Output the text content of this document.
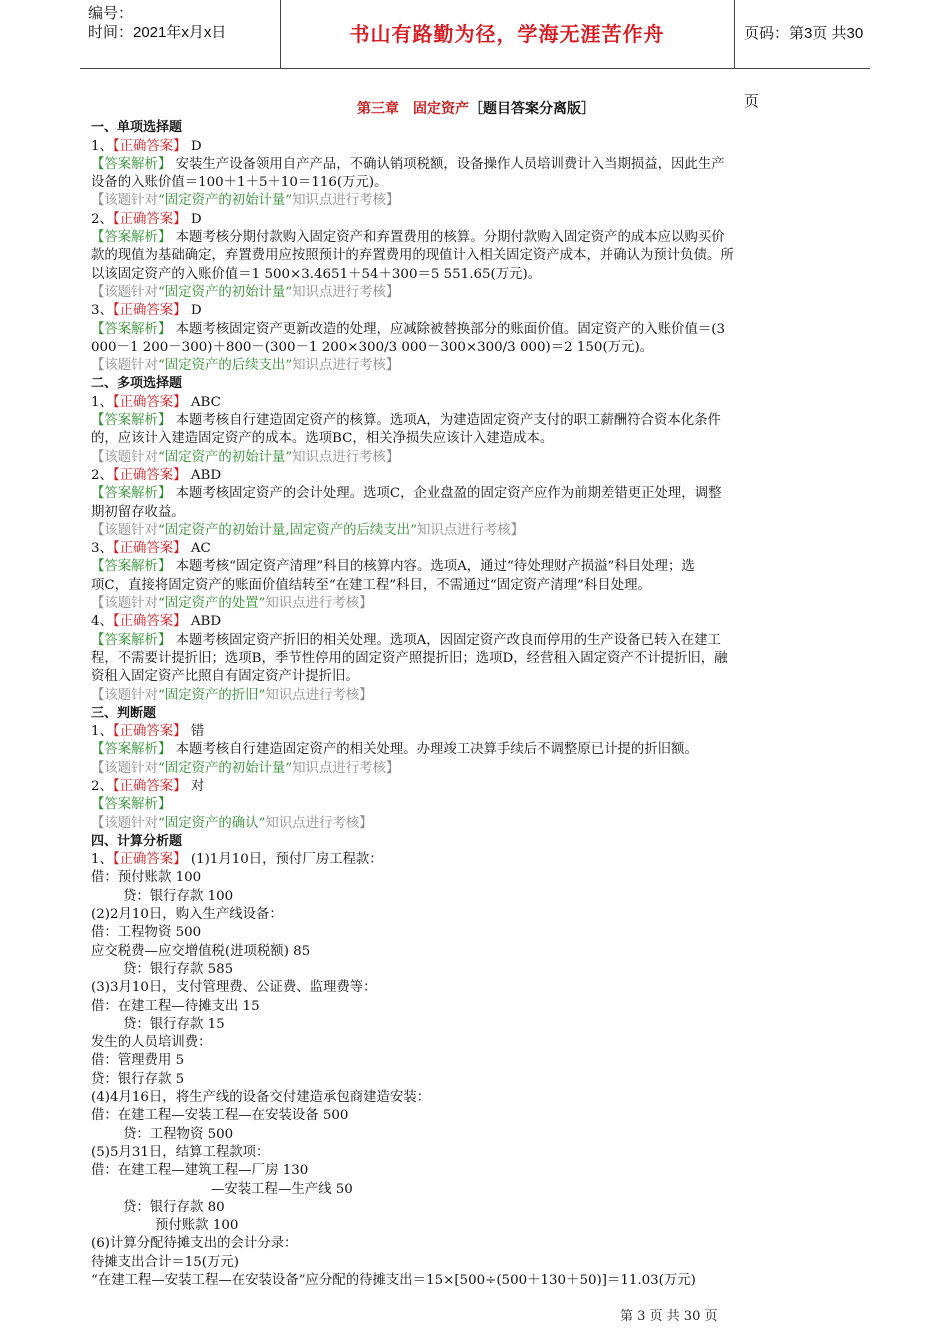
编号：
时间：2021年x月x日	书山有路勤为径，学海无涯苦作舟	页码：第3页 共30页
第三章　固定资产［题目答案分离版］
一、单项选择题
1、【正确答案】 D
【答案解析】 安装生产设备领用自产产品，不确认销项税额，设备操作人员培训费计入当期损益，因此生产
设备的入账价值＝100＋1＋5＋10＝116(万元)。
【该题针对“固定资产的初始计量”知识点进行考核】
2、【正确答案】 D
【答案解析】 本题考核分期付款购入固定资产和弃置费用的核算。分期付款购入固定资产的成本应以购买价
款的现值为基础确定，弃置费用应按照预计的弃置费用的现值计入相关固定资产成本，并确认为预计负债。所
以该固定资产的入账价值＝1 500×3.4651＋54＋300＝5 551.65(万元)。
【该题针对“固定资产的初始计量”知识点进行考核】
3、【正确答案】 D
【答案解析】 本题考核固定资产更新改造的处理，应减除被替换部分的账面价值。固定资产的入账价值＝(3
000－1 200－300)＋800－(300－1 200×300/3 000－300×300/3 000)＝2 150(万元)。
【该题针对“固定资产的后续支出”知识点进行考核】
二、多项选择题
1、【正确答案】 ABC
【答案解析】 本题考核自行建造固定资产的核算。选项A，为建造固定资产支付的职工薪酬符合资本化条件
的，应该计入建造固定资产的成本。选项BC，相关净损失应该计入建造成本。
【该题针对“固定资产的初始计量”知识点进行考核】
2、【正确答案】 ABD
【答案解析】 本题考核固定资产的会计处理。选项C，企业盘盈的固定资产应作为前期差错更正处理，调整
期初留存收益。
【该题针对“固定资产的初始计量,固定资产的后续支出”知识点进行考核】
3、【正确答案】 AC
【答案解析】 本题考核“固定资产清理”科目的核算内容。选项A，通过“待处理财产损溢”科目处理；选
项C，直接将固定资产的账面价值结转至“在建工程”科目，不需通过“固定资产清理”科目处理。
【该题针对“固定资产的处置”知识点进行考核】
4、【正确答案】 ABD
【答案解析】 本题考核固定资产折旧的相关处理。选项A，因固定资产改良而停用的生产设备已转入在建工
程，不需要计提折旧；选项B，季节性停用的固定资产照提折旧；选项D，经营租入固定资产不计提折旧，融
资租入固定资产比照自有固定资产计提折旧。
【该题针对“固定资产的折旧”知识点进行考核】
三、判断题
1、【正确答案】 错
【答案解析】 本题考核自行建造固定资产的相关处理。办理竣工决算手续后不调整原已计提的折旧额。
【该题针对“固定资产的初始计量”知识点进行考核】
2、【正确答案】 对
【答案解析】
【该题针对“固定资产的确认”知识点进行考核】
四、计算分析题
1、【正确答案】 (1)1月10日，预付厂房工程款：
借：预付账款 100
贷：银行存款 100
(2)2月10日，购入生产线设备：
借：工程物资 500
应交税费—应交增值税(进项税额) 85
贷：银行存款 585
(3)3月10日，支付管理费、公证费、监理费等：
借：在建工程—待摊支出 15
贷：银行存款 15
发生的人员培训费：
借：管理费用 5
贷：银行存款 5
(4)4月16日，将生产线的设备交付建造承包商建造安装：
借：在建工程—安装工程—在安装设备 500
贷：工程物资 500
(5)5月31日，结算工程款项：
借：在建工程—建筑工程—厂房 130
—安装工程—生产线 50
贷：银行存款 80
预付账款 100
(6)计算分配待摊支出的会计分录：
待摊支出合计＝15(万元)
“在建工程—安装工程—在安装设备”应分配的待摊支出＝15×[500÷(500＋130＋50)]＝11.03(万元)
第 3 页 共 30 页
